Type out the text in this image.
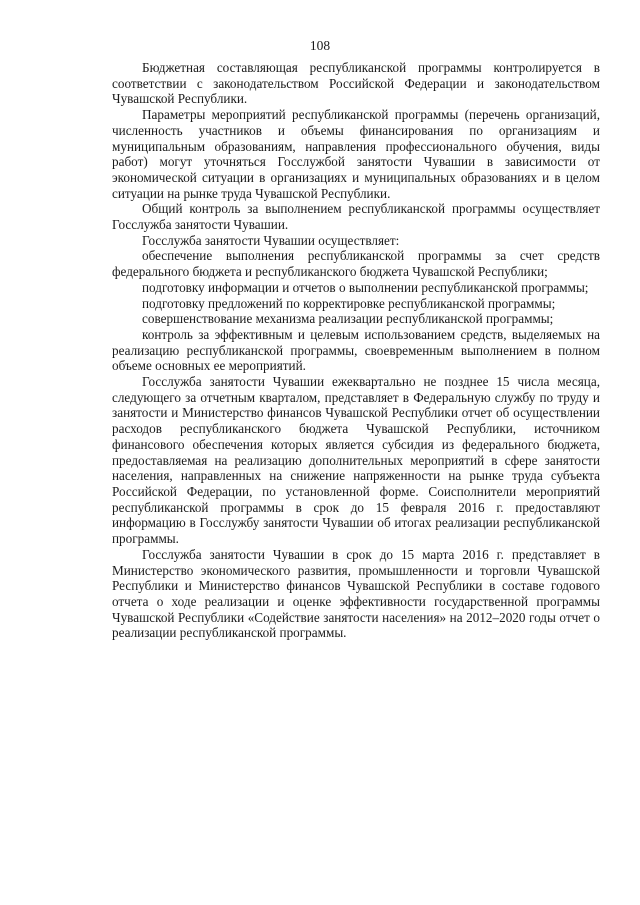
108

Бюджетная составляющая республиканской программы контролируется в соответствии с законодательством Российской Федерации и законодательством Чувашской Республики.

Параметры мероприятий республиканской программы (перечень организаций, численность участников и объемы финансирования по организациям и муниципальным образованиям, направления профессионального обучения, виды работ) могут уточняться Госслужбой занятости Чувашии в зависимости от экономической ситуации в организациях и муниципальных образованиях и в целом ситуации на рынке труда Чувашской Республики.

Общий контроль за выполнением республиканской программы осуществляет Госслужба занятости Чувашии.

Госслужба занятости Чувашии осуществляет:

обеспечение выполнения республиканской программы за счет средств федерального бюджета и республиканского бюджета Чувашской Республики;

подготовку информации и отчетов о выполнении республиканской программы;

подготовку предложений по корректировке республиканской программы;

совершенствование механизма реализации республиканской программы;

контроль за эффективным и целевым использованием средств, выделяемых на реализацию республиканской программы, своевременным выполнением в полном объеме основных ее мероприятий.

Госслужба занятости Чувашии ежеквартально не позднее 15 числа месяца, следующего за отчетным кварталом, представляет в Федеральную службу по труду и занятости и Министерство финансов Чувашской Республики отчет об осуществлении расходов республиканского бюджета Чувашской Республики, источником финансового обеспечения которых является субсидия из федерального бюджета, предоставляемая на реализацию дополнительных мероприятий в сфере занятости населения, направленных на снижение напряженности на рынке труда субъекта Российской Федерации, по установленной форме. Соисполнители мероприятий республиканской программы в срок до 15 февраля 2016 г. предоставляют информацию в Госслужбу занятости Чувашии об итогах реализации республиканской программы.

Госслужба занятости Чувашии в срок до 15 марта 2016 г. представляет в Министерство экономического развития, промышленности и торговли Чувашской Республики и Министерство финансов Чувашской Республики в составе годового отчета о ходе реализации и оценке эффективности государственной программы Чувашской Республики «Содействие занятости населения» на 2012–2020 годы отчет о реализации республиканской программы.
